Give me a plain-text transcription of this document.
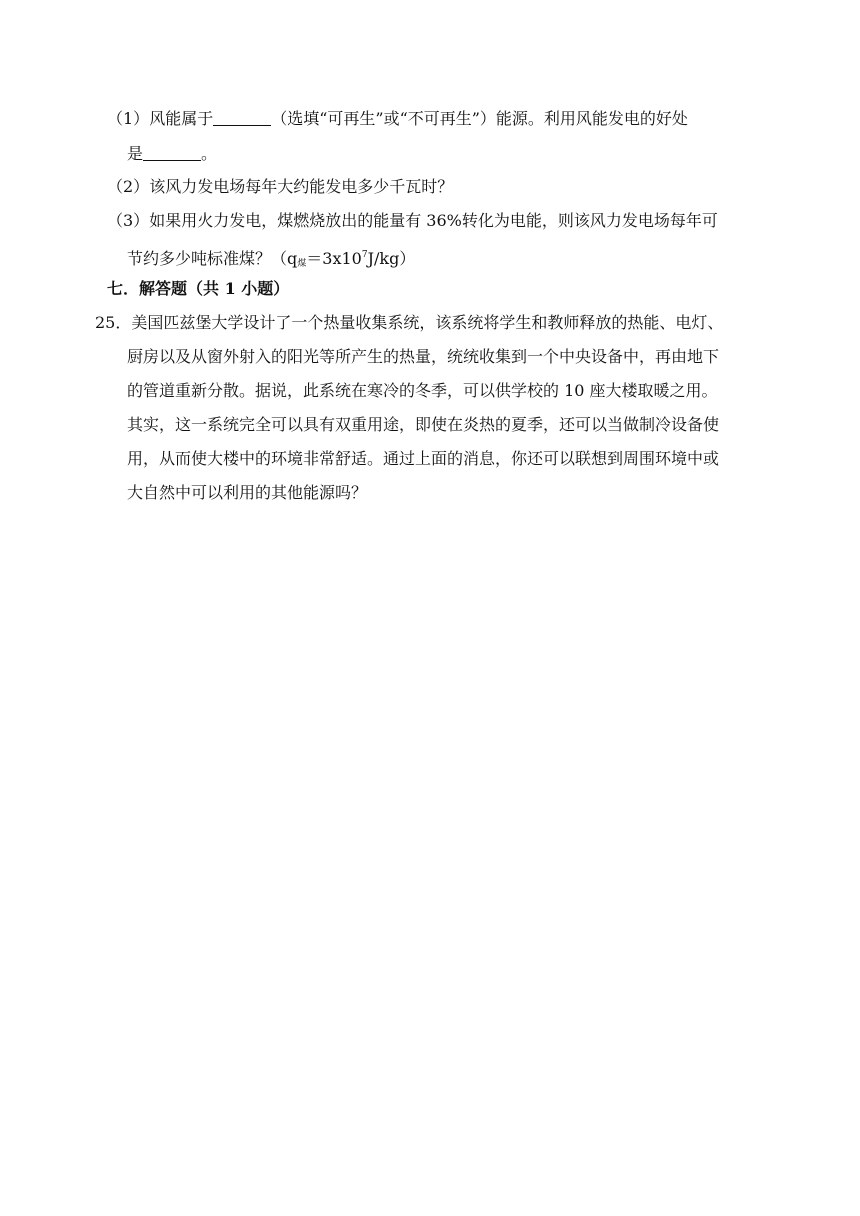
（1）风能属于	（选填“可再生”或“不可再生”）能源。利用风能发电的好处
是	。
（2）该风力发电场每年大约能发电多少千瓦时？
（3）如果用火力发电，煤燃烧放出的能量有 36%转化为电能，则该风力发电场每年可
节约多少吨标准煤？$(q_煤=3x10^7J/kg)$
七．解答题（共 1 小题）
25．美国匹兹堡大学设计了一个热量收集系统，该系统将学生和教师释放的热能、电灯、
厨房以及从窗外射入的阳光等所产生的热量，统统收集到一个中央设备中，再由地下
的管道重新分散。据说，此系统在寒冷的冬季，可以供学校的 10 座大楼取暖之用。
其实，这一系统完全可以具有双重用途，即使在炎热的夏季，还可以当做制冷设备使
用，从而使大楼中的环境非常舒适。通过上面的消息，你还可以联想到周围环境中或
大自然中可以利用的其他能源吗？
